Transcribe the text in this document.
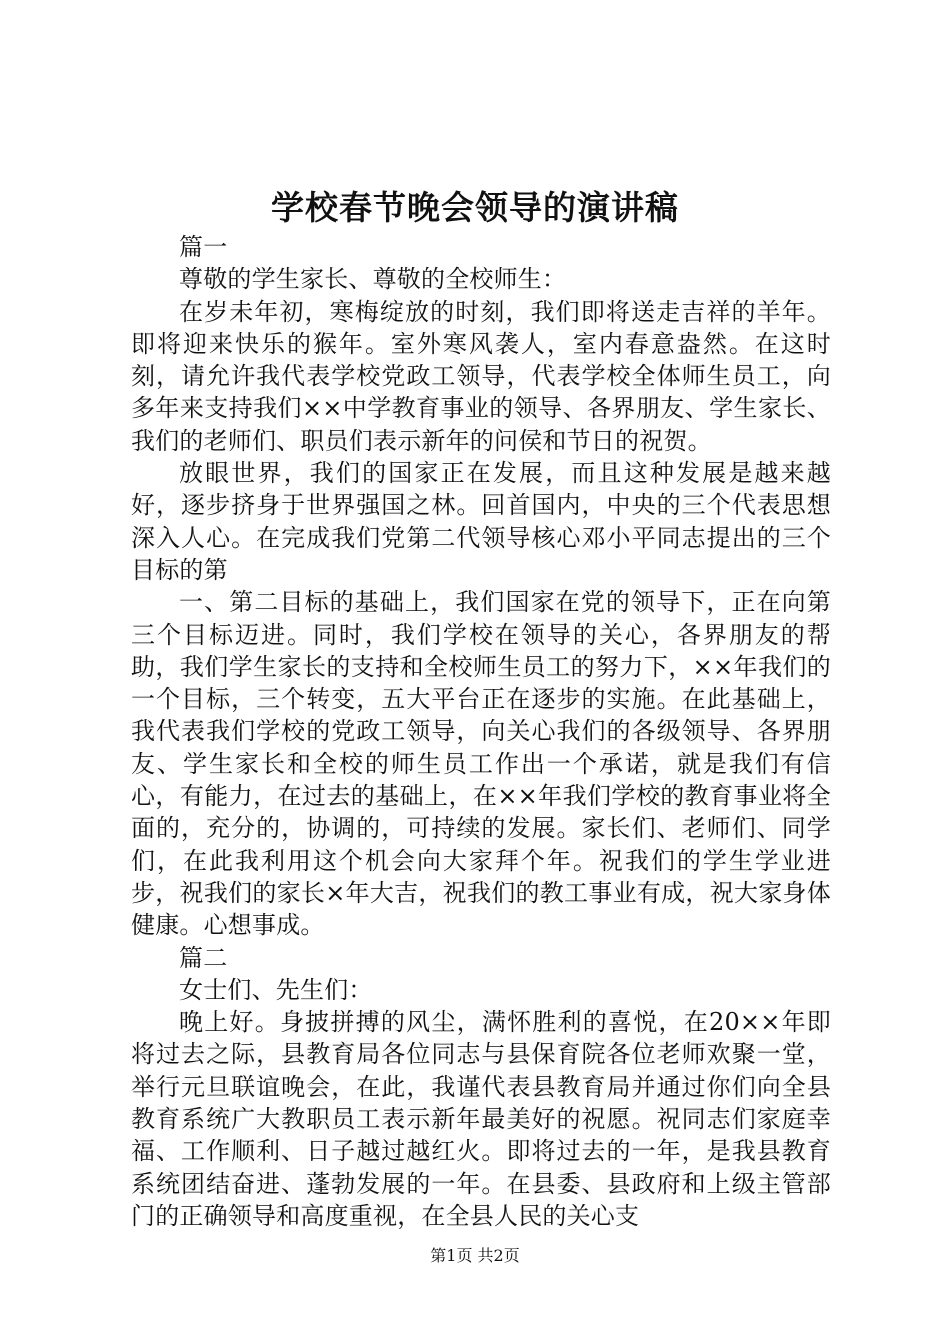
学校春节晚会领导的演讲稿

篇一

尊敬的学生家长、尊敬的全校师生：

在岁未年初，寒梅绽放的时刻，我们即将送走吉祥的羊年。即将迎来快乐的猴年。室外寒风袭人，室内春意盎然。在这时刻，请允许我代表学校党政工领导，代表学校全体师生员工，向多年来支持我们××中学教育事业的领导、各界朋友、学生家长、我们的老师们、职员们表示新年的问侯和节日的祝贺。

放眼世界，我们的国家正在发展，而且这种发展是越来越好，逐步挤身于世界强国之林。回首国内，中央的三个代表思想深入人心。在完成我们党第二代领导核心邓小平同志提出的三个目标的第

一、第二目标的基础上，我们国家在党的领导下，正在向第三个目标迈进。同时，我们学校在领导的关心，各界朋友的帮助，我们学生家长的支持和全校师生员工的努力下，××年我们的一个目标，三个转变，五大平台正在逐步的实施。在此基础上，我代表我们学校的党政工领导，向关心我们的各级领导、各界朋友、学生家长和全校的师生员工作出一个承诺，就是我们有信心，有能力，在过去的基础上，在××年我们学校的教育事业将全面的，充分的，协调的，可持续的发展。家长们、老师们、同学们，在此我利用这个机会向大家拜个年。祝我们的学生学业进步，祝我们的家长×年大吉，祝我们的教工事业有成，祝大家身体健康。心想事成。

篇二

女士们、先生们：

晚上好。身披拼搏的风尘，满怀胜利的喜悦，在20××年即将过去之际，县教育局各位同志与县保育院各位老师欢聚一堂，举行元旦联谊晚会，在此，我谨代表县教育局并通过你们向全县教育系统广大教职员工表示新年最美好的祝愿。祝同志们家庭幸福、工作顺利、日子越过越红火。即将过去的一年，是我县教育系统团结奋进、蓬勃发展的一年。在县委、县政府和上级主管部门的正确领导和高度重视，在全县人民的关心支

第1页 共2页
